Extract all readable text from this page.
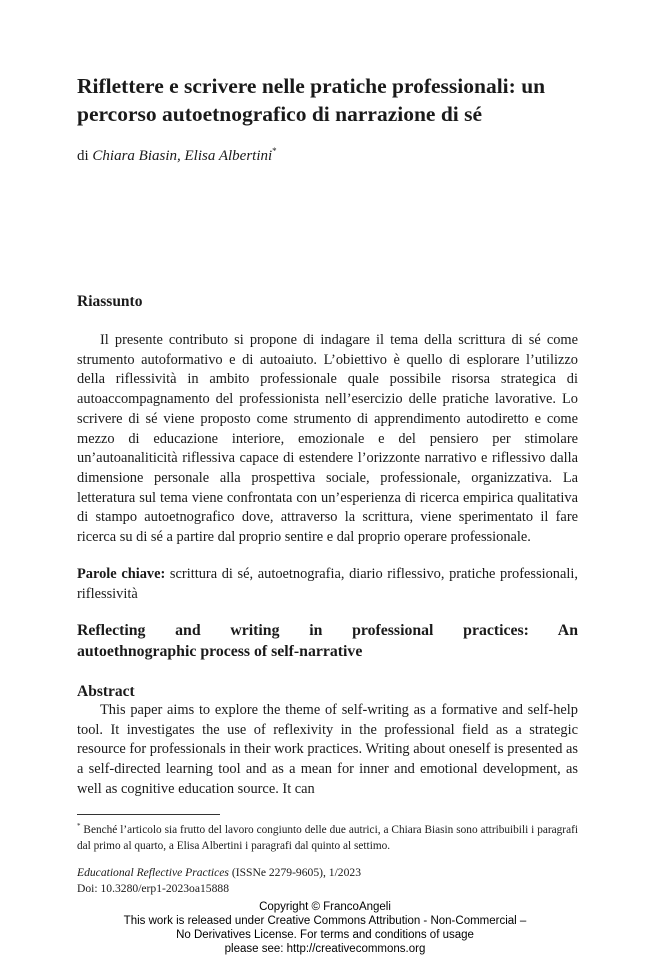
Riflettere e scrivere nelle pratiche professionali: un percorso autoetnografico di narrazione di sé
di Chiara Biasin, Elisa Albertini*
Riassunto

Il presente contributo si propone di indagare il tema della scrittura di sé come strumento autoformativo e di autoaiuto. L’obiettivo è quello di esplorare l’utilizzo della riflessività in ambito professionale quale possibile risorsa strategica di autoaccompagnamento del professionista nell’esercizio delle pratiche lavorative. Lo scrivere di sé viene proposto come strumento di apprendimento autodiretto e come mezzo di educazione interiore, emozionale e del pensiero per stimolare un’autoanaliticità riflessiva capace di estendere l’orizzonte narrativo e riflessivo dalla dimensione personale alla prospettiva sociale, professionale, organizzativa. La letteratura sul tema viene confrontata con un’esperienza di ricerca empirica qualitativa di stampo autoetnografico dove, attraverso la scrittura, viene sperimentato il fare ricerca su di sé a partire dal proprio sentire e dal proprio operare professionale.

Parole chiave: scrittura di sé, autoetnografia, diario riflessivo, pratiche professionali, riflessività

Reflecting and writing in professional practices: An
autoethnographic process of self-narrative
Abstract

This paper aims to explore the theme of self-writing as a formative and self-help tool. It investigates the use of reflexivity in the professional field as a strategic resource for professionals in their work practices. Writing about oneself is presented as a self-directed learning tool and as a mean for inner and emotional development, as well as cognitive education source. It can

* Benché l’articolo sia frutto del lavoro congiunto delle due autrici, a Chiara Biasin sono attribuibili i paragrafi dal primo al quarto, a Elisa Albertini i paragrafi dal quinto al settimo.

Educational Reflective Practices (ISSNe 2279-9605), 1/2023
Doi: 10.3280/erp1-2023oa15888
Copyright © FrancoAngeli
This work is released under Creative Commons Attribution - Non-Commercial –
No Derivatives License. For terms and conditions of usage
please see: http://creativecommons.org
